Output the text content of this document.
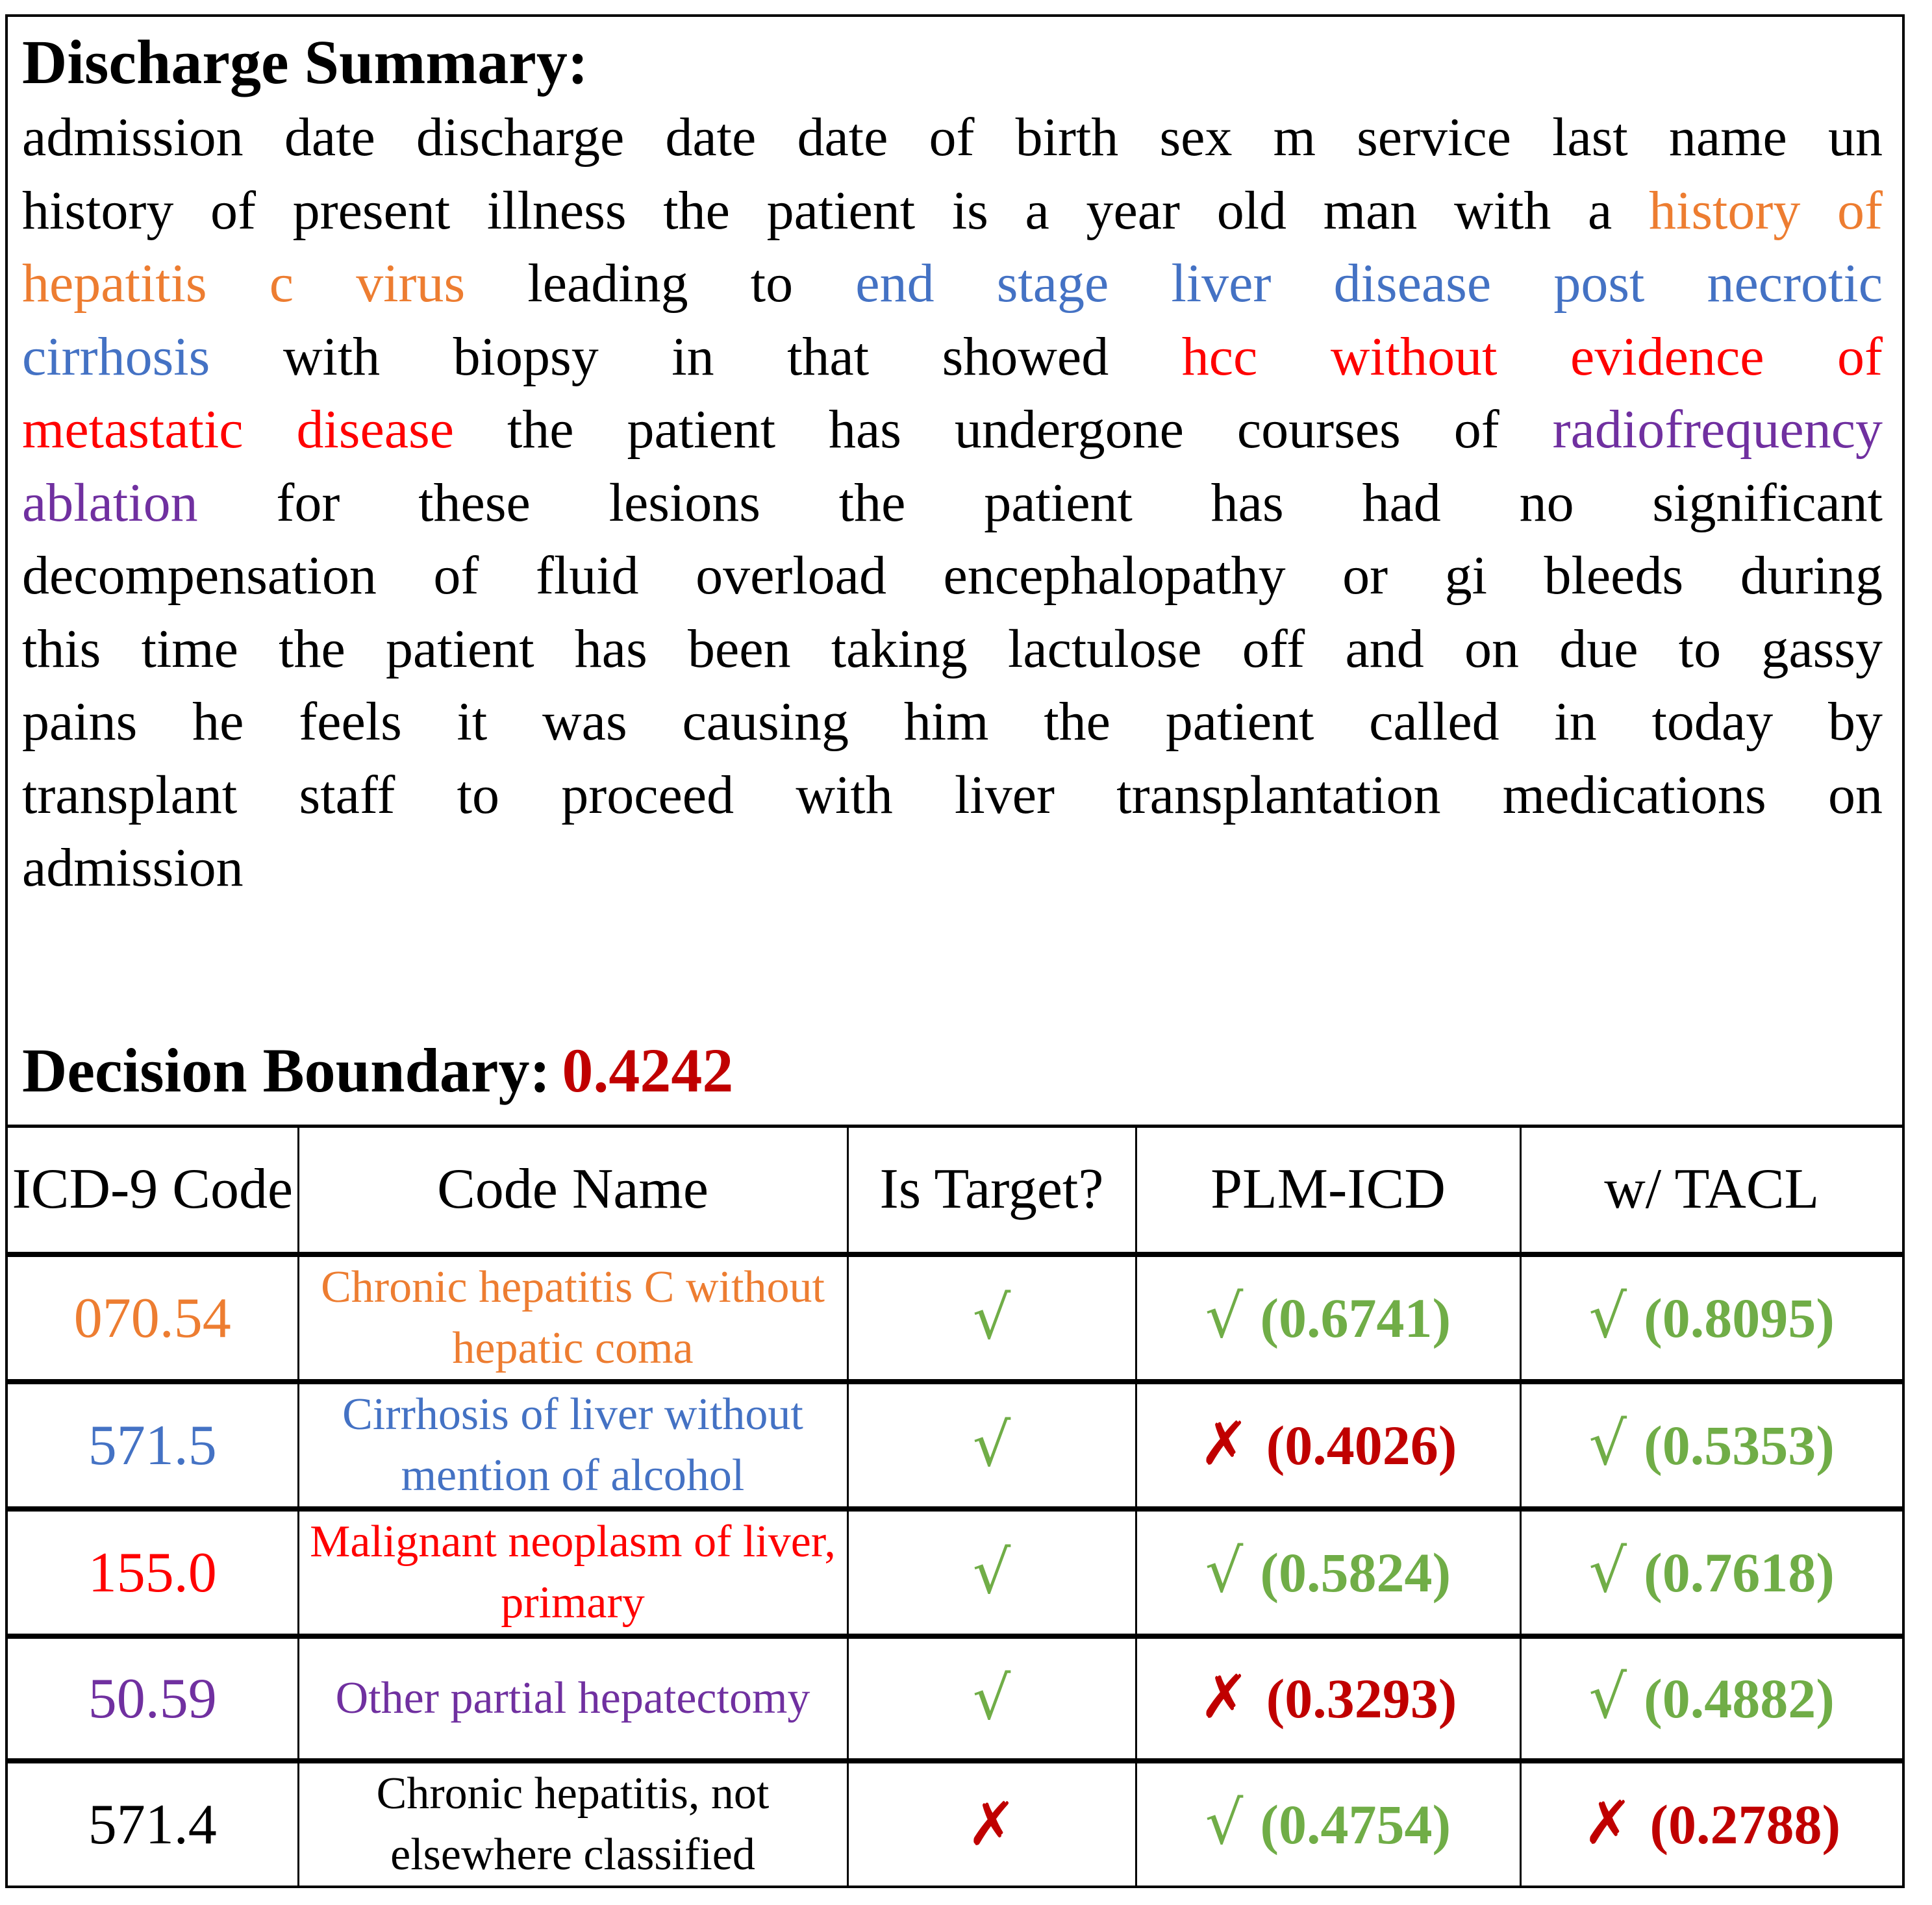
Discharge Summary:
admission date discharge date date of birth sex m service last name un
history of present illness the patient is a year old man with a history of
hepatitis c virus leading to end stage liver disease post necrotic
cirrhosis with biopsy in that showed hcc without evidence of
metastatic disease the patient has undergone courses of radiofrequency
ablation for these lesions the patient has had no significant
decompensation of fluid overload encephalopathy or gi bleeds during
this time the patient has been taking lactulose off and on due to gassy
pains he feels it was causing him the patient called in today by
transplant staff to proceed with liver transplantation medications on
admission
Decision Boundary: 0.4242
ICD-9 Code	Code Name	Is Target?	PLM-ICD	w/ TACL
070.54	Chronic hepatitis C without hepatic coma	√	√ (0.6741)	√ (0.8095)
571.5	Cirrhosis of liver without mention of alcohol	√	✗ (0.4026)	√ (0.5353)
155.0	Malignant neoplasm of liver, primary	√	√ (0.5824)	√ (0.7618)
50.59	Other partial hepatectomy	√	✗ (0.3293)	√ (0.4882)
571.4	Chronic hepatitis, not elsewhere classified	✗	√ (0.4754)	✗ (0.2788)
